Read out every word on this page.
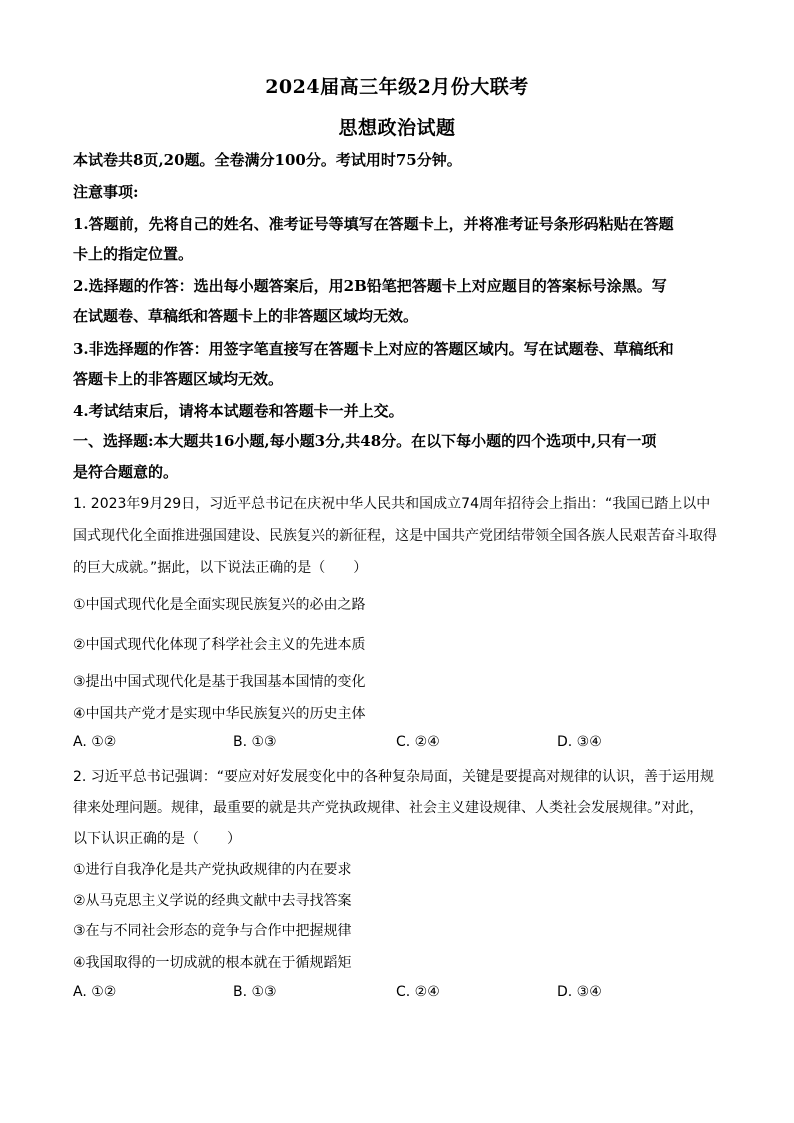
2024届高三年级2月份大联考
思想政治试题
本试卷共8页,20题。全卷满分100分。考试用时75分钟。
注意事项:
1.答题前，先将自己的姓名、准考证号等填写在答题卡上，并将准考证号条形码粘贴在答题
卡上的指定位置。
2.选择题的作答：选出每小题答案后，用2B铅笔把答题卡上对应题目的答案标号涂黑。写
在试题卷、草稿纸和答题卡上的非答题区域均无效。
3.非选择题的作答：用签字笔直接写在答题卡上对应的答题区域内。写在试题卷、草稿纸和
答题卡上的非答题区域均无效。
4.考试结束后，请将本试题卷和答题卡一并上交。
一、选择题:本大题共16小题,每小题3分,共48分。在以下每小题的四个选项中,只有一项
是符合题意的。
1. 2023年9月29日，习近平总书记在庆祝中华人民共和国成立74周年招待会上指出：“我国已踏上以中
国式现代化全面推进强国建设、民族复兴的新征程，这是中国共产党团结带领全国各族人民艰苦奋斗取得
的巨大成就。”据此，以下说法正确的是（　　）
①中国式现代化是全面实现民族复兴的必由之路
②中国式现代化体现了科学社会主义的先进本质
③提出中国式现代化是基于我国基本国情的变化
④中国共产党才是实现中华民族复兴的历史主体
A. ①②	B. ①③	C. ②④	D. ③④
2. 习近平总书记强调：“要应对好发展变化中的各种复杂局面，关键是要提高对规律的认识，善于运用规
律来处理问题。规律，最重要的就是共产党执政规律、社会主义建设规律、人类社会发展规律。”对此，
以下认识正确的是（　　）
①进行自我净化是共产党执政规律的内在要求
②从马克思主义学说的经典文献中去寻找答案
③在与不同社会形态的竞争与合作中把握规律
④我国取得的一切成就的根本就在于循规蹈矩
A. ①②	B. ①③	C. ②④	D. ③④
